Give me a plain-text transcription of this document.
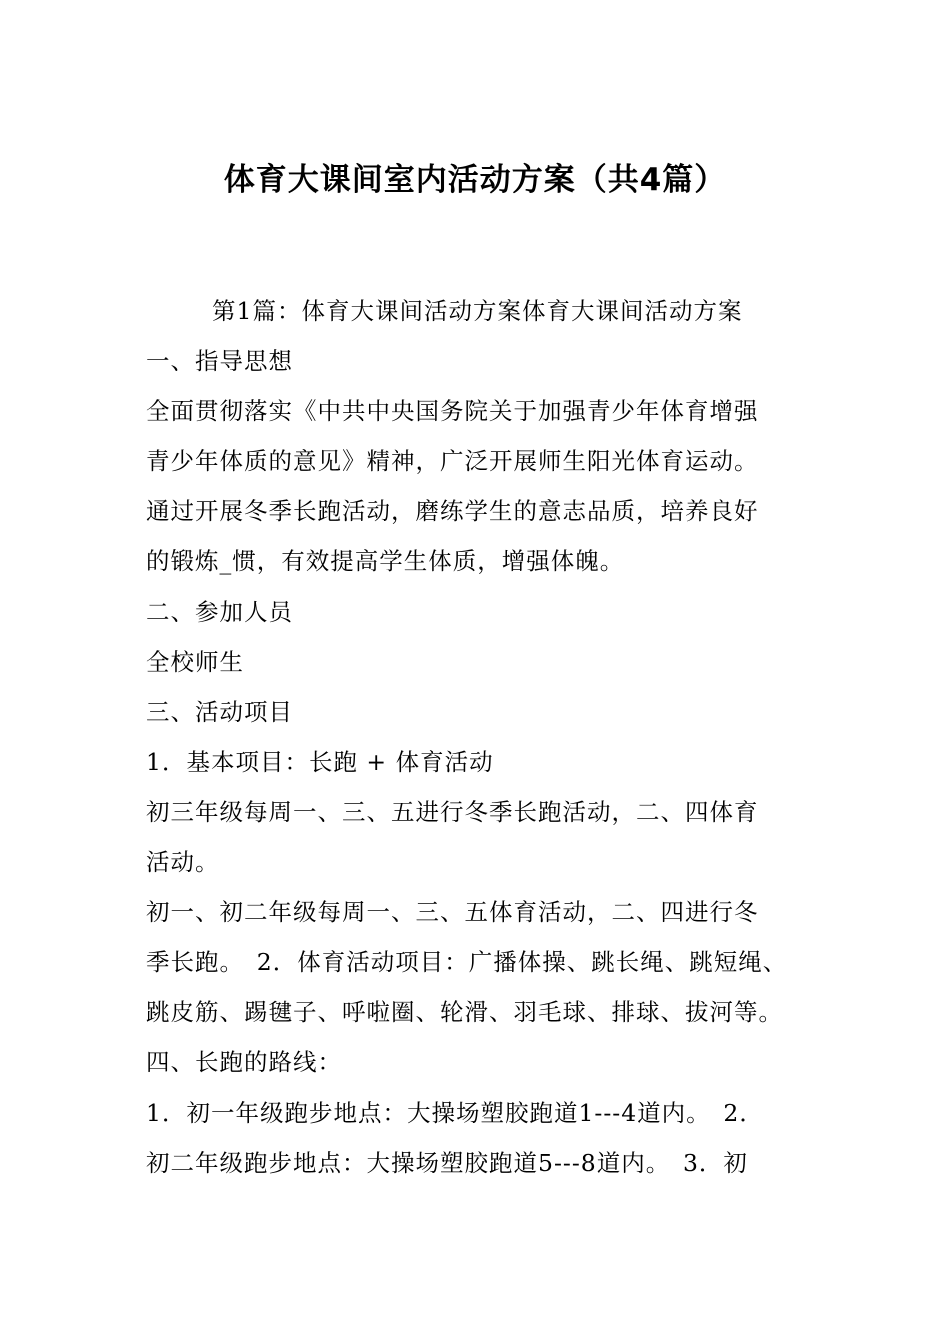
体育大课间室内活动方案（共4篇）
第1篇：体育大课间活动方案体育大课间活动方案
一、指导思想
全面贯彻落实《中共中央国务院关于加强青少年体育增强
青少年体质的意见》精神，广泛开展师生阳光体育运动。
通过开展冬季长跑活动，磨练学生的意志品质，培养良好
的锻炼_惯，有效提高学生体质，增强体魄。
二、参加人员
全校师生
三、活动项目
1．基本项目：长跑 + 体育活动
初三年级每周一、三、五进行冬季长跑活动，二、四体育
活动。
初一、初二年级每周一、三、五体育活动，二、四进行冬
季长跑。　2．体育活动项目：广播体操、跳长绳、跳短绳、
跳皮筋、踢毽子、呼啦圈、轮滑、羽毛球、排球、拔河等。
四、长跑的路线：
1．初一年级跑步地点：大操场塑胶跑道1---4道内。　2．
初二年级跑步地点：大操场塑胶跑道5---8道内。　3．初
